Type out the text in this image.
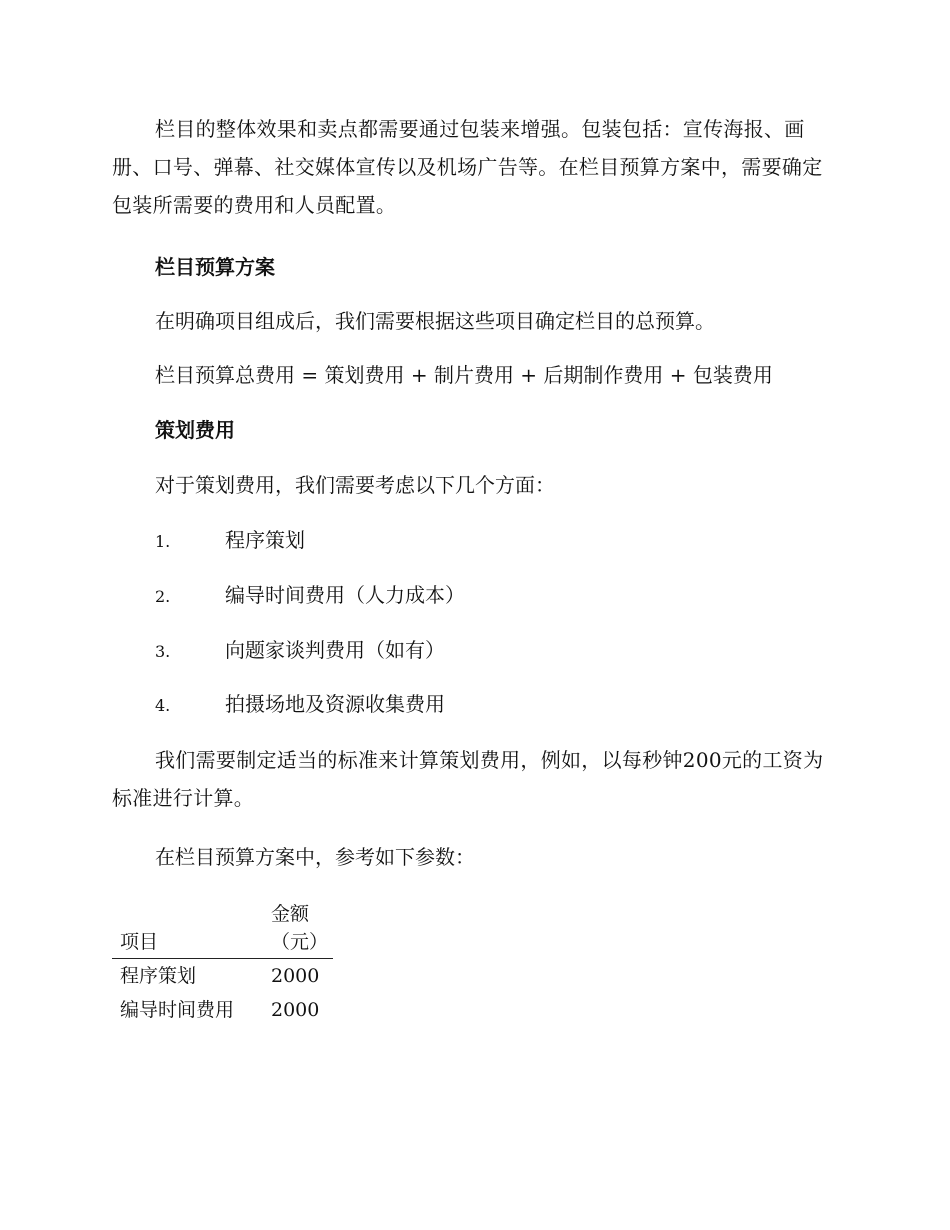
栏目的整体效果和卖点都需要通过包装来增强。包装包括：宣传海报、画册、口号、弹幕、社交媒体宣传以及机场广告等。在栏目预算方案中，需要确定包装所需要的费用和人员配置。

栏目预算方案

在明确项目组成后，我们需要根据这些项目确定栏目的总预算。

栏目预算总费用 = 策划费用 + 制片费用 + 后期制作费用 + 包装费用

策划费用

对于策划费用，我们需要考虑以下几个方面：

1.	程序策划
2.	编导时间费用（人力成本）
3.	向题家谈判费用（如有）
4.	拍摄场地及资源收集费用

我们需要制定适当的标准来计算策划费用，例如，以每秒钟200元的工资为标准进行计算。

在栏目预算方案中，参考如下参数：

项目	金额（元）

程序策划	2000
编导时间费用	2000
